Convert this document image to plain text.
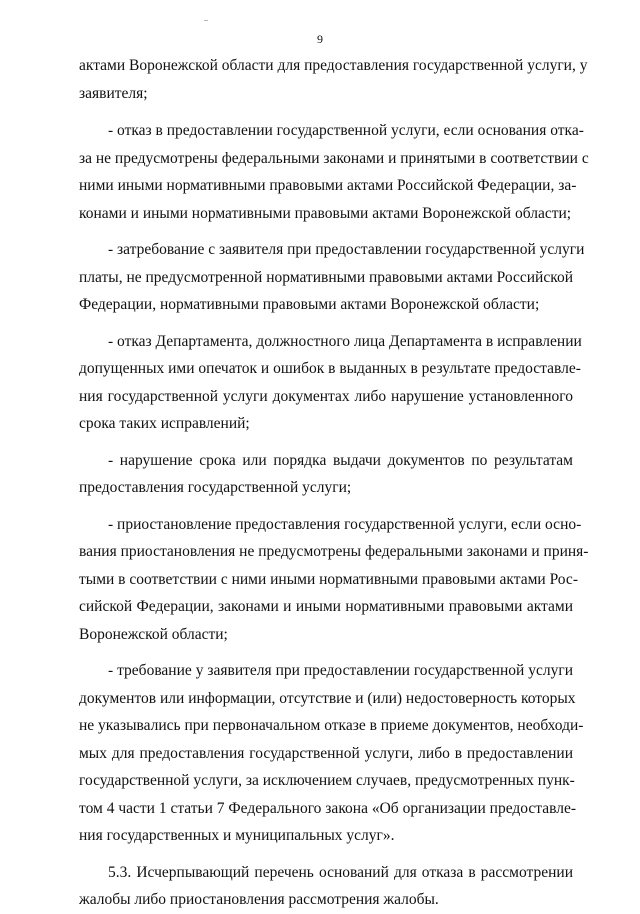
9
актами Воронежской области для предоставления государственной услуги, у
заявителя;
- отказ в предоставлении государственной услуги, если основания отка-
за не предусмотрены федеральными законами и принятыми в соответствии с
ними иными нормативными правовыми актами Российской Федерации, за-
конами и иными нормативными правовыми актами Воронежской области;
- затребование с заявителя при предоставлении государственной услуги
платы, не предусмотренной нормативными правовыми актами Российской
Федерации, нормативными правовыми актами Воронежской области;
- отказ Департамента, должностного лица Департамента в исправлении
допущенных ими опечаток и ошибок в выданных в результате предоставле-
ния государственной услуги документах либо нарушение установленного
срока таких исправлений;
- нарушение срока или порядка выдачи документов по результатам
предоставления государственной услуги;
- приостановление предоставления государственной услуги, если осно-
вания приостановления не предусмотрены федеральными законами и приня-
тыми в соответствии с ними иными нормативными правовыми актами Рос-
сийской Федерации, законами и иными нормативными правовыми актами
Воронежской области;
- требование у заявителя при предоставлении государственной услуги
документов или информации, отсутствие и (или) недостоверность которых
не указывались при первоначальном отказе в приеме документов, необходи-
мых для предоставления государственной услуги, либо в предоставлении
государственной услуги, за исключением случаев, предусмотренных пунк-
том 4 части 1 статьи 7 Федерального закона «Об организации предоставле-
ния государственных и муниципальных услуг».
5.3. Исчерпывающий перечень оснований для отказа в рассмотрении
жалобы либо приостановления рассмотрения жалобы.
